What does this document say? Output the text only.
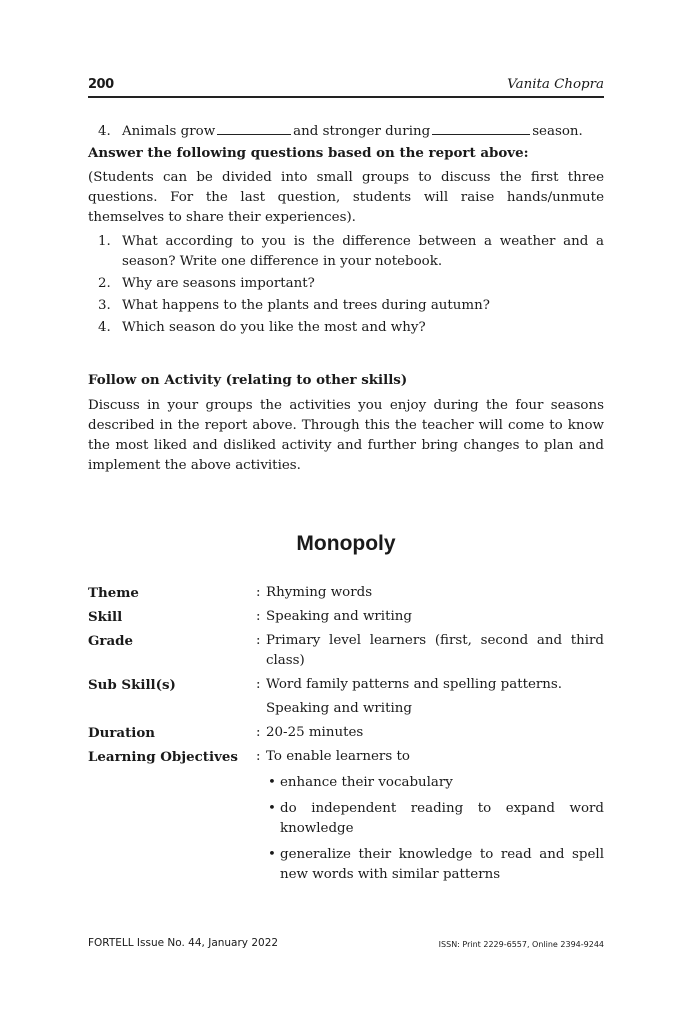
200	Vanita Chopra
4. Animals grow	and stronger during	season.
Answer the following questions based on the report above:

(Students can be divided into small groups to discuss the first three questions. For the last question, students will raise hands/unmute themselves to share their experiences).

1. What according to you is the difference between a weather and a season? Write one difference in your notebook.
2. Why are seasons important?
3. What happens to the plants and trees during autumn?
4. Which season do you like the most and why?
Follow on Activity (relating to other skills)

Discuss in your groups the activities you enjoy during the four seasons described in the report above. Through this the teacher will come to know the most liked and disliked activity and further bring changes to plan and implement the above activities.

Monopoly
Theme	: Rhyming words
Skill	: Speaking and writing
Grade	: Primary level learners (first, second and third class)
Sub Skill(s)	: Word family patterns and spelling patterns.
Speaking and writing
Duration	: 20-25 minutes
Learning Objectives	: To enable learners to
• enhance their vocabulary
• do independent reading to expand word knowledge
• generalize their knowledge to read and spell new words with similar patterns
FORTELL Issue No. 44, January 2022	ISSN: Print 2229-6557, Online 2394-9244
